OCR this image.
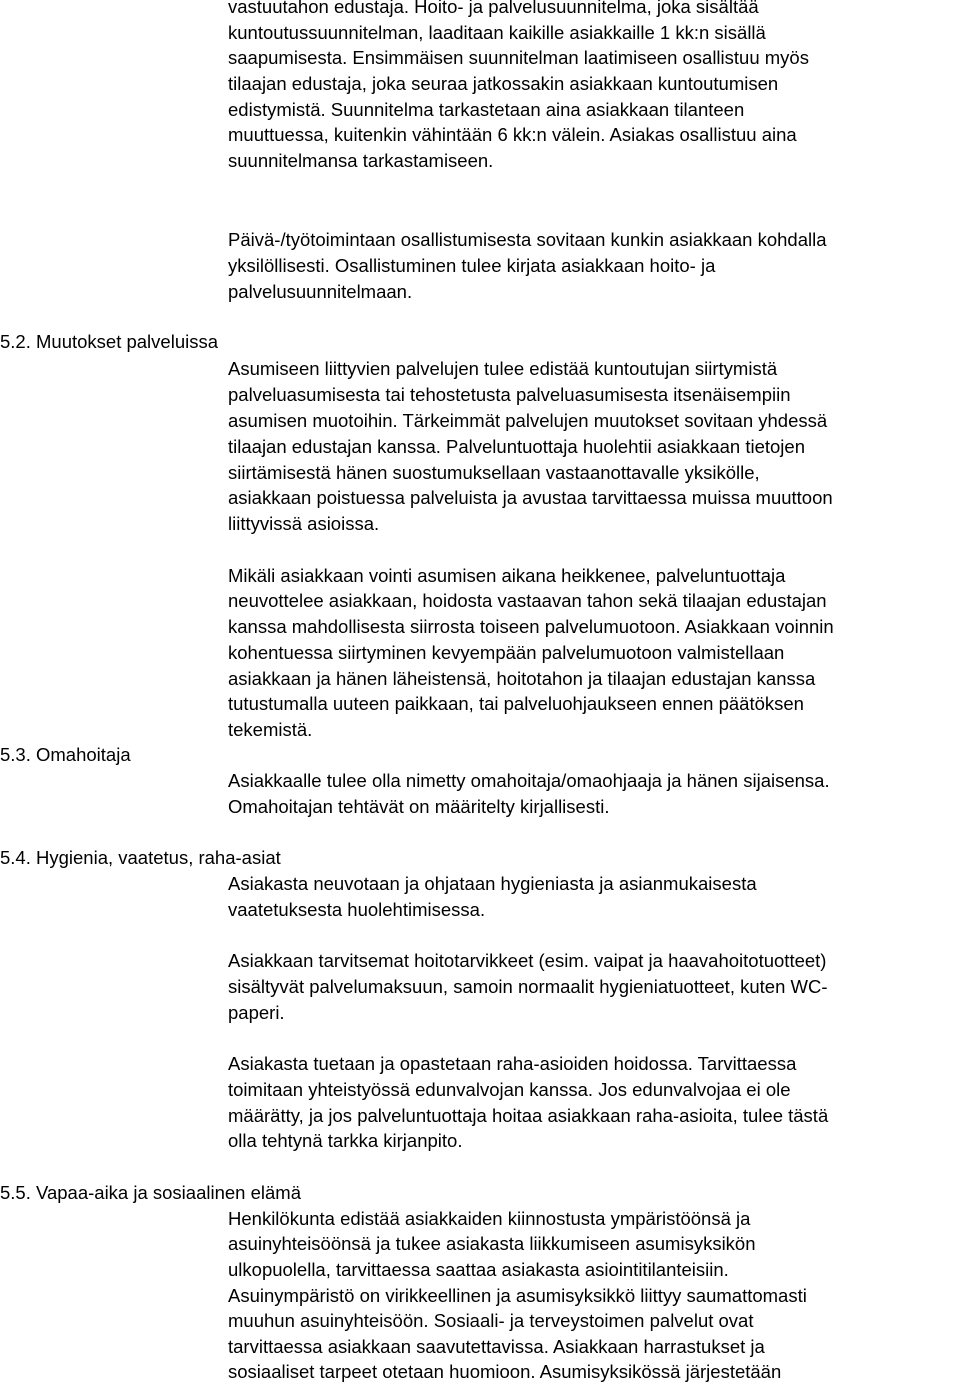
vastuutahon edustaja. Hoito- ja palvelusuunnitelma, joka sisältää
kuntoutussuunnitelman, laaditaan kaikille asiakkaille 1 kk:n sisällä
saapumisesta. Ensimmäisen suunnitelman laatimiseen osallistuu myös
tilaajan edustaja, joka seuraa jatkossakin asiakkaan kuntoutumisen
edistymistä. Suunnitelma tarkastetaan aina asiakkaan tilanteen
muuttuessa, kuitenkin vähintään 6 kk:n välein. Asiakas osallistuu aina
suunnitelmansa tarkastamiseen.
Päivä-/työtoimintaan osallistumisesta sovitaan kunkin asiakkaan kohdalla
yksilöllisesti. Osallistuminen tulee kirjata asiakkaan hoito- ja
palvelusuunnitelmaan.
5.2. Muutokset palveluissa
Asumiseen liittyvien palvelujen tulee edistää kuntoutujan siirtymistä
palveluasumisesta tai tehostetusta palveluasumisesta itsenäisempiin
asumisen muotoihin. Tärkeimmät palvelujen muutokset sovitaan yhdessä
tilaajan edustajan kanssa. Palveluntuottaja huolehtii asiakkaan tietojen
siirtämisestä hänen suostumuksellaan vastaanottavalle yksikölle,
asiakkaan poistuessa palveluista ja avustaa tarvittaessa muissa muuttoon
liittyvissä asioissa.
Mikäli asiakkaan vointi asumisen aikana heikkenee, palveluntuottaja
neuvottelee asiakkaan, hoidosta vastaavan tahon sekä tilaajan edustajan
kanssa mahdollisesta siirrosta toiseen palvelumuotoon. Asiakkaan voinnin
kohentuessa siirtyminen kevyempään palvelumuotoon valmistellaan
asiakkaan ja hänen läheistensä, hoitotahon ja tilaajan edustajan kanssa
tutustumalla uuteen paikkaan, tai palveluohjaukseen ennen päätöksen
tekemistä.
5.3. Omahoitaja
Asiakkaalle tulee olla nimetty omahoitaja/omaohjaaja ja hänen sijaisensa.
Omahoitajan tehtävät on määritelty kirjallisesti.
5.4. Hygienia, vaatetus, raha-asiat
Asiakasta neuvotaan ja ohjataan hygieniasta ja asianmukaisesta
vaatetuksesta huolehtimisessa.
Asiakkaan tarvitsemat hoitotarvikkeet (esim. vaipat ja haavahoitotuotteet)
sisältyvät palvelumaksuun, samoin normaalit hygieniatuotteet, kuten WC-
paperi.
Asiakasta tuetaan ja opastetaan raha-asioiden hoidossa. Tarvittaessa
toimitaan yhteistyössä edunvalvojan kanssa. Jos edunvalvojaa ei ole
määrätty, ja jos palveluntuottaja hoitaa asiakkaan raha-asioita, tulee tästä
olla tehtynä tarkka kirjanpito.
5.5. Vapaa-aika ja sosiaalinen elämä
Henkilökunta edistää asiakkaiden kiinnostusta ympäristöönsä ja
asuinyhteisöönsä ja tukee asiakasta liikkumiseen asumisyksikön
ulkopuolella, tarvittaessa saattaa asiakasta asiointitilanteisiin.
Asuinympäristö on virikkeellinen ja asumisyksikkö liittyy saumattomasti
muuhun asuinyhteisöön. Sosiaali- ja terveystoimen palvelut ovat
tarvittaessa asiakkaan saavutettavissa. Asiakkaan harrastukset ja
sosiaaliset tarpeet otetaan huomioon. Asumisyksikössä järjestetään
